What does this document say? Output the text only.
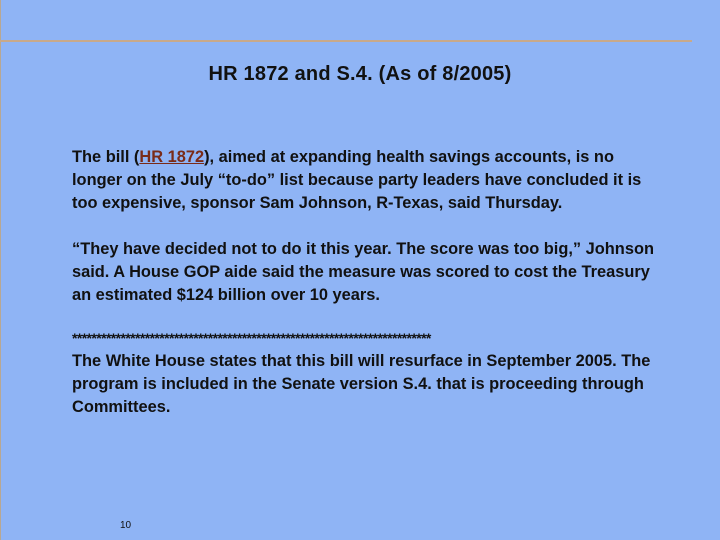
HR 1872 and S.4. (As of 8/2005)

The bill (HR 1872), aimed at expanding health savings accounts, is no longer on the July “to-do” list because party leaders have concluded it is too expensive, sponsor Sam Johnson, R-Texas, said Thursday.

“They have decided not to do it this year. The score was too big,” Johnson said. A House GOP aide said the measure was scored to cost the Treasury an estimated $124 billion over 10 years.

**************************************************************************

The White House states that this bill will resurface in September 2005. The program is included in the Senate version S.4. that is proceeding through Committees.

10
